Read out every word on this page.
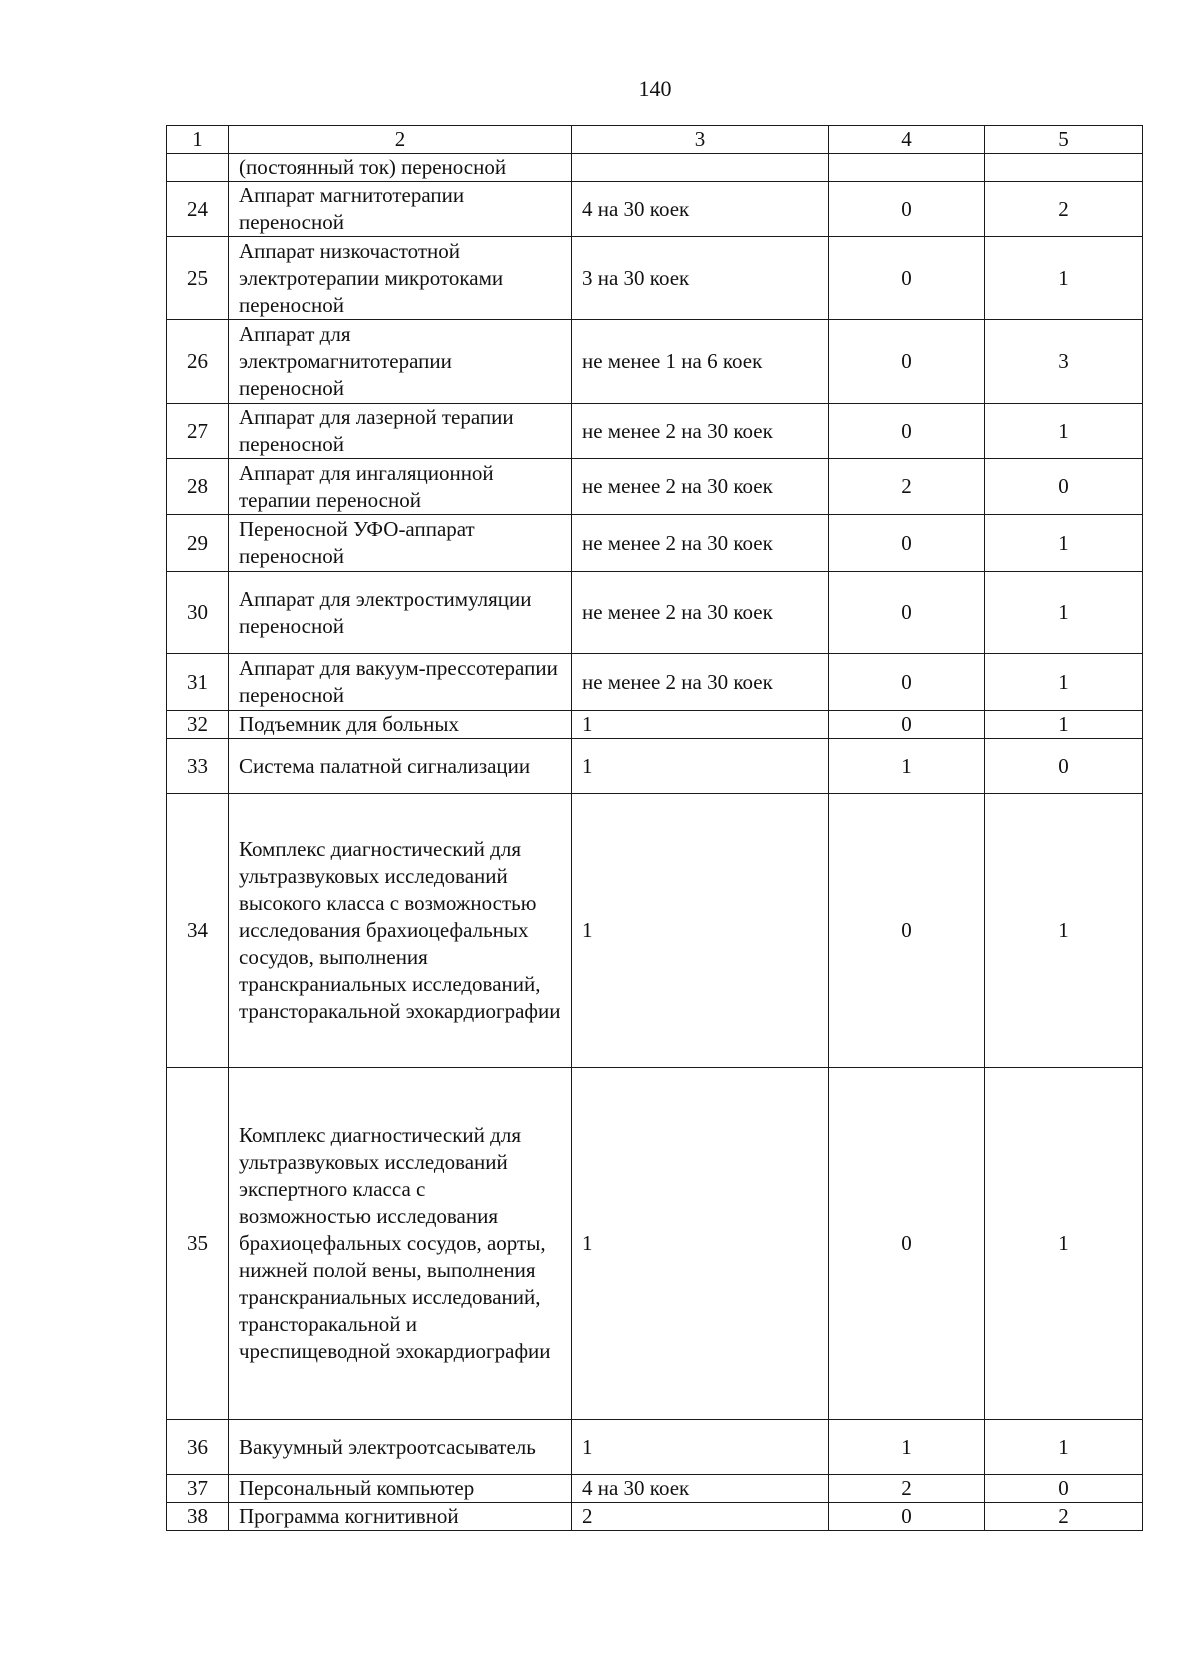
140
1	2	3	4	5
	(постоянный ток) переносной			
24	Аппарат магнитотерапии переносной	4 на 30 коек	0	2
25	Аппарат низкочастотной электротерапии микротоками переносной	3 на 30 коек	0	1
26	Аппарат для электромагнитотерапии переносной	не менее 1 на 6 коек	0	3
27	Аппарат для лазерной терапии переносной	не менее 2 на 30 коек	0	1
28	Аппарат для ингаляционной терапии переносной	не менее 2 на 30 коек	2	0
29	Переносной УФО-аппарат переносной	не менее 2 на 30 коек	0	1
30	Аппарат для электростимуляции переносной	не менее 2 на 30 коек	0	1
31	Аппарат для вакуум-прессотерапии переносной	не менее 2 на 30 коек	0	1
32	Подъемник для больных	1	0	1
33	Система палатной сигнализации	1	1	0
34	Комплекс диагностический для ультразвуковых исследований высокого класса с возможностью исследования брахиоцефальных сосудов, выполнения транскраниальных исследований, трансторакальной эхокардиографии	1	0	1
35	Комплекс диагностический для ультразвуковых исследований экспертного класса с возможностью исследования брахиоцефальных сосудов, аорты, нижней полой вены, выполнения транскраниальных исследований, трансторакальной и чреспищеводной эхокардиографии	1	0	1
36	Вакуумный электроотсасыватель	1	1	1
37	Персональный компьютер	4 на 30 коек	2	0
38	Программа когнитивной	2	0	2
